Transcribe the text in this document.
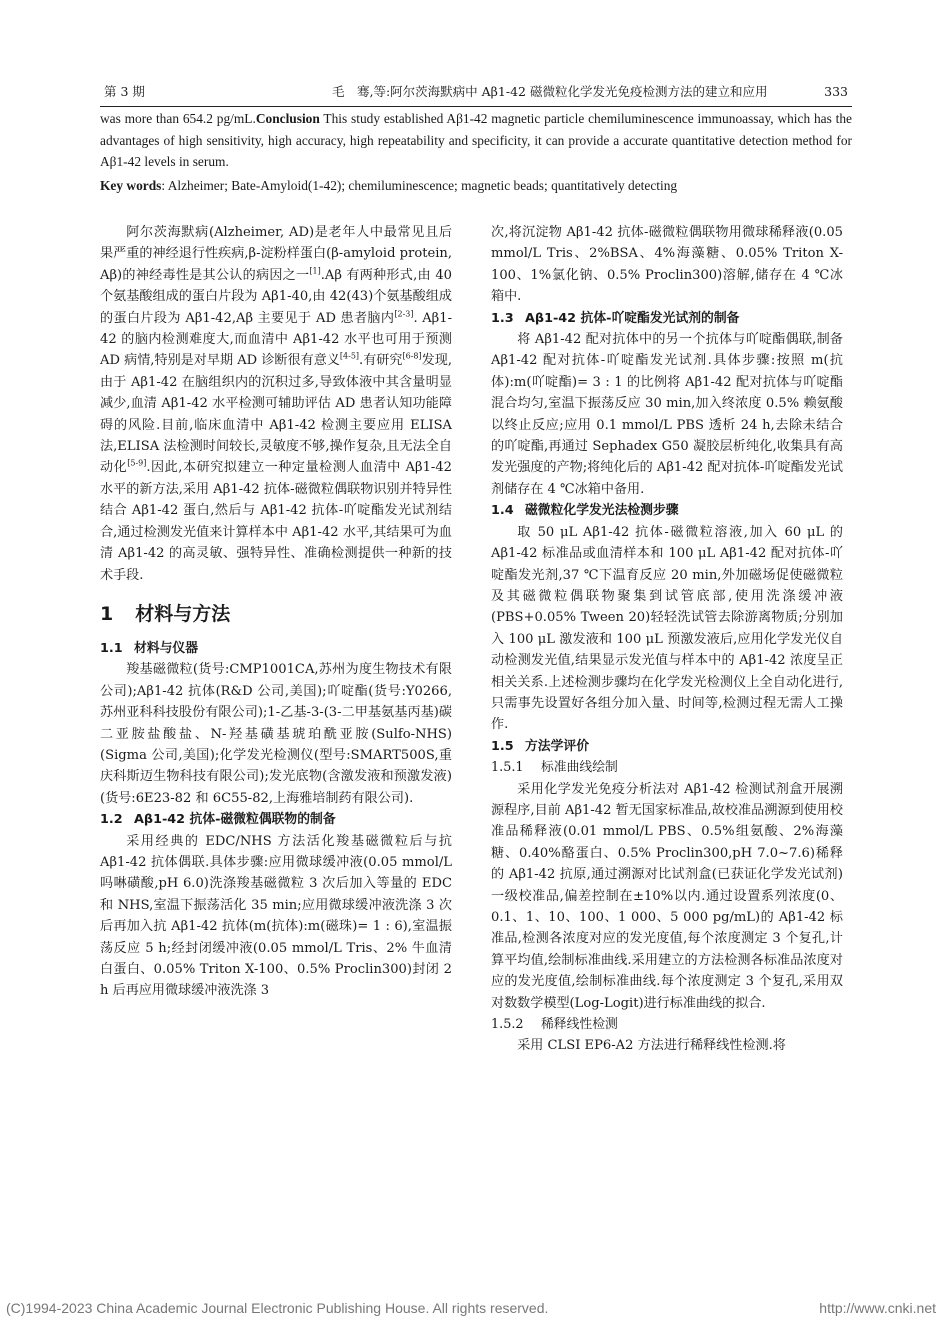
第 3 期	毛　骞,等:阿尔茨海默病中 Aβ1-42 磁微粒化学发光免疫检测方法的建立和应用	333

was more than 654.2 pg/mL.Conclusion This study established Aβ1-42 magnetic particle chemiluminescence immunoassay, which has the advantages of high sensitivity, high accuracy, high repeatability and specificity, it can provide a accurate quantitative detection method for Aβ1-42 levels in serum.

Key words: Alzheimer; Bate-Amyloid(1-42); chemiluminescence; magnetic beads; quantitatively detecting

阿尔茨海默病(Alzheimer, AD)是老年人中最常见且后果严重的神经退行性疾病,β-淀粉样蛋白(β-amyloid protein, Aβ)的神经毒性是其公认的病因之一[1].Aβ 有两种形式,由 40 个氨基酸组成的蛋白片段为 Aβ1-40,由 42(43)个氨基酸组成的蛋白片段为 Aβ1-42,Aβ 主要见于 AD 患者脑内[2-3]. Aβ1-42 的脑内检测难度大,而血清中 Aβ1-42 水平也可用于预测 AD 病情,特别是对早期 AD 诊断很有意义[4-5].有研究[6-8]发现,由于 Aβ1-42 在脑组织内的沉积过多,导致体液中其含量明显减少,血清 Aβ1-42 水平检测可辅助评估 AD 患者认知功能障碍的风险.目前,临床血清中 Aβ1-42 检测主要应用 ELISA 法,ELISA 法检测时间较长,灵敏度不够,操作复杂,且无法全自动化[5-9].因此,本研究拟建立一种定量检测人血清中 Aβ1-42 水平的新方法,采用 Aβ1-42 抗体-磁微粒偶联物识别并特异性结合 Aβ1-42 蛋白,然后与 Aβ1-42 抗体-吖啶酯发光试剂结合,通过检测发光值来计算样本中 Aβ1-42 水平,其结果可为血清 Aβ1-42 的高灵敏、强特异性、准确检测提供一种新的技术手段.

1 材料与方法

1.1 材料与仪器

羧基磁微粒(货号:CMP1001CA,苏州为度生物技术有限公司);Aβ1-42 抗体(R&D 公司,美国);吖啶酯(货号:Y0266,苏州亚科科技股份有限公司);1-乙基-3-(3-二甲基氨基丙基)碳二亚胺盐酸盐、N-羟基磺基琥珀酰亚胺(Sulfo-NHS)(Sigma 公司,美国);化学发光检测仪(型号:SMART500S,重庆科斯迈生物科技有限公司);发光底物(含激发液和预激发液)(货号:6E23-82 和 6C55-82,上海雅培制药有限公司).

1.2 Aβ1-42 抗体-磁微粒偶联物的制备

采用经典的 EDC/NHS 方法活化羧基磁微粒后与抗 Aβ1-42 抗体偶联.具体步骤:应用微球缓冲液(0.05 mmol/L 吗啉磺酸,pH 6.0)洗涤羧基磁微粒 3 次后加入等量的 EDC 和 NHS,室温下振荡活化 35 min;应用微球缓冲液洗涤 3 次后再加入抗 Aβ1-42 抗体(m(抗体):m(磁珠)= 1 : 6),室温振荡反应 5 h;经封闭缓冲液(0.05 mmol/L Tris、2% 牛血清白蛋白、0.05% Triton X-100、0.5% Proclin300)封闭 2 h 后再应用微球缓冲液洗涤 3

次,将沉淀物 Aβ1-42 抗体-磁微粒偶联物用微球稀释液(0.05 mmol/L Tris、2%BSA、4%海藻糖、0.05% Triton X-100、1%氯化钠、0.5% Proclin300)溶解,储存在 4 ℃冰箱中.

1.3 Aβ1-42 抗体-吖啶酯发光试剂的制备

将 Aβ1-42 配对抗体中的另一个抗体与吖啶酯偶联,制备 Aβ1-42 配对抗体-吖啶酯发光试剂.具体步骤:按照 m(抗体):m(吖啶酯)= 3 : 1 的比例将 Aβ1-42 配对抗体与吖啶酯混合均匀,室温下振荡反应 30 min,加入终浓度 0.5% 赖氨酸以终止反应;应用 0.1 mmol/L PBS 透析 24 h,去除未结合的吖啶酯,再通过 Sephadex G50 凝胶层析纯化,收集具有高发光强度的产物;将纯化后的 Aβ1-42 配对抗体-吖啶酯发光试剂储存在 4 ℃冰箱中备用.

1.4 磁微粒化学发光法检测步骤

取 50 μL Aβ1-42 抗体-磁微粒溶液,加入 60 μL 的 Aβ1-42 标准品或血清样本和 100 μL Aβ1-42 配对抗体-吖啶酯发光剂,37 ℃下温育反应 20 min,外加磁场促使磁微粒及其磁微粒偶联物聚集到试管底部,使用洗涤缓冲液(PBS+0.05% Tween 20)轻轻洗试管去除游离物质;分别加入 100 μL 激发液和 100 μL 预激发液后,应用化学发光仪自动检测发光值,结果显示发光值与样本中的 Aβ1-42 浓度呈正相关关系.上述检测步骤均在化学发光检测仪上全自动化进行,只需事先设置好各组分加入量、时间等,检测过程无需人工操作.

1.5 方法学评价

1.5.1 标准曲线绘制

采用化学发光免疫分析法对 Aβ1-42 检测试剂盒开展溯源程序,目前 Aβ1-42 暂无国家标准品,故校准品溯源到使用校准品稀释液(0.01 mmol/L PBS、0.5%组氨酸、2%海藻糖、0.40%酪蛋白、0.5% Proclin300,pH 7.0~7.6)稀释的 Aβ1-42 抗原,通过溯源对比试剂盒(已获证化学发光试剂)一级校准品,偏差控制在±10%以内.通过设置系列浓度(0、0.1、1、10、100、1 000、5 000 pg/mL)的 Aβ1-42 标准品,检测各浓度对应的发光度值,每个浓度测定 3 个复孔,计算平均值,绘制标准曲线.采用建立的方法检测各标准品浓度对应的发光度值,绘制标准曲线.每个浓度测定 3 个复孔,采用双对数数学模型(Log-Logit)进行标准曲线的拟合.

1.5.2 稀释线性检测

采用 CLSI EP6-A2 方法进行稀释线性检测.将

(C)1994-2023 China Academic Journal Electronic Publishing House. All rights reserved.	http://www.cnki.net
